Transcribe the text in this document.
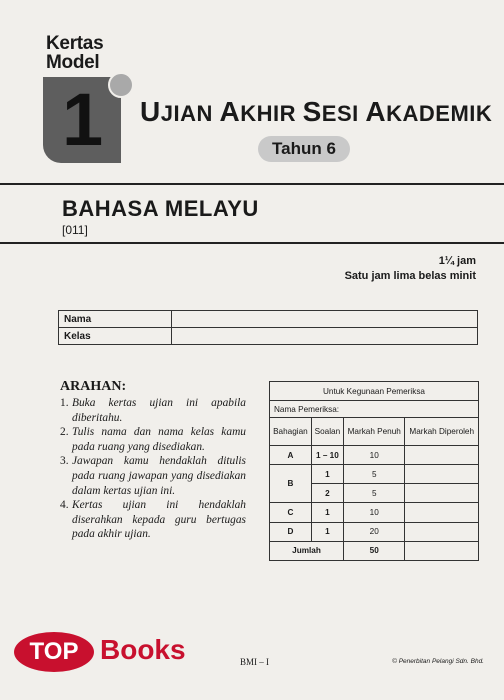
Kertas
Model
1 UJIAN AKHIR SESI AKADEMIK
Tahun 6
BAHASA MELAYU
[011]
1¼ jam
Satu jam lima belas minit
Nama	
Kelas	
ARAHAN:
1. Buka kertas ujian ini apabila diberitahu.
2. Tulis nama dan nama kelas kamu pada ruang yang disediakan.
3. Jawapan kamu hendaklah ditulis pada ruang jawapan yang disediakan dalam kertas ujian ini.
4. Kertas ujian ini hendaklah diserahkan kepada guru bertugas pada akhir ujian.
Untuk Kegunaan Pemeriksa			
Nama Pemeriksa:			
Bahagian	Soalan	Markah Penuh	Markah Diperoleh
A	1 – 10	10	
B	1	5	
	2	5	
C	1	10	
D	1	20	
Jumlah		50	
TOP Books	BMI – I	© Penerbitan Pelangi Sdn. Bhd.
